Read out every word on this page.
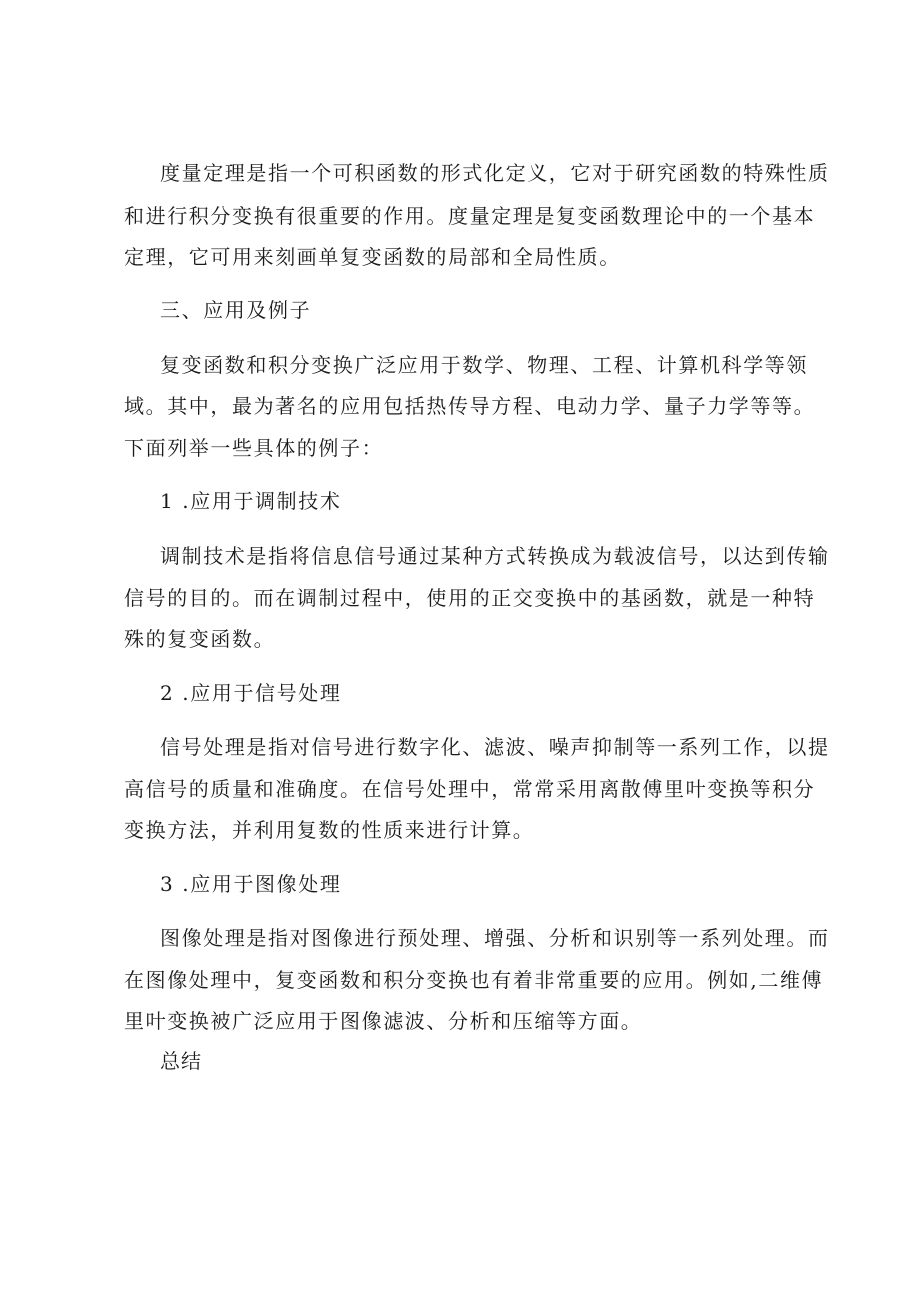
度量定理是指一个可积函数的形式化定义，它对于研究函数的特殊性质
和进行积分变换有很重要的作用。度量定理是复变函数理论中的一个基本
定理，它可用来刻画单复变函数的局部和全局性质。
三、应用及例子
复变函数和积分变换广泛应用于数学、物理、工程、计算机科学等领
域。其中，最为著名的应用包括热传导方程、电动力学、量子力学等等。
下面列举一些具体的例子：
1 .应用于调制技术
调制技术是指将信息信号通过某种方式转换成为载波信号，以达到传输
信号的目的。而在调制过程中，使用的正交变换中的基函数，就是一种特
殊的复变函数。
2 .应用于信号处理
信号处理是指对信号进行数字化、滤波、噪声抑制等一系列工作，以提
高信号的质量和准确度。在信号处理中，常常采用离散傅里叶变换等积分
变换方法，并利用复数的性质来进行计算。
3 .应用于图像处理
图像处理是指对图像进行预处理、增强、分析和识别等一系列处理。而
在图像处理中，复变函数和积分变换也有着非常重要的应用。例如,二维傅
里叶变换被广泛应用于图像滤波、分析和压缩等方面。
总结
